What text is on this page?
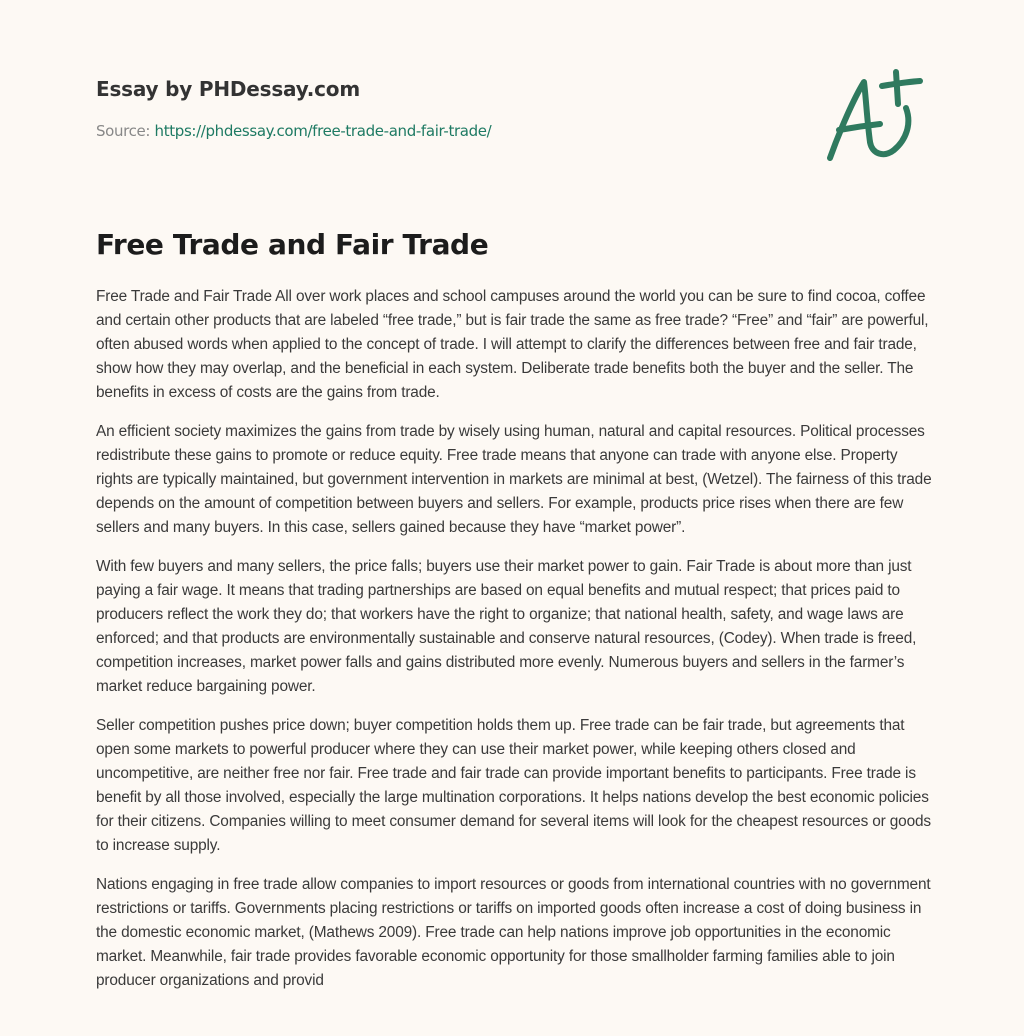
Essay by PHDessay.com
Source: https://phdessay.com/free-trade-and-fair-trade/
Free Trade and Fair Trade

Free Trade and Fair Trade All over work places and school campuses around the world you can be sure to find cocoa, coffee and certain other products that are labeled “free trade,” but is fair trade the same as free trade? “Free” and “fair” are powerful, often abused words when applied to the concept of trade. I will attempt to clarify the differences between free and fair trade, show how they may overlap, and the beneficial in each system. Deliberate trade benefits both the buyer and the seller. The benefits in excess of costs are the gains from trade.

An efficient society maximizes the gains from trade by wisely using human, natural and capital resources. Political processes redistribute these gains to promote or reduce equity. Free trade means that anyone can trade with anyone else. Property rights are typically maintained, but government intervention in markets are minimal at best, (Wetzel). The fairness of this trade depends on the amount of competition between buyers and sellers. For example, products price rises when there are few sellers and many buyers. In this case, sellers gained because they have “market power”.

With few buyers and many sellers, the price falls; buyers use their market power to gain. Fair Trade is about more than just paying a fair wage. It means that trading partnerships are based on equal benefits and mutual respect; that prices paid to producers reflect the work they do; that workers have the right to organize; that national health, safety, and wage laws are enforced; and that products are environmentally sustainable and conserve natural resources, (Codey). When trade is freed, competition increases, market power falls and gains distributed more evenly. Numerous buyers and sellers in the farmer’s market reduce bargaining power.

Seller competition pushes price down; buyer competition holds them up. Free trade can be fair trade, but agreements that open some markets to powerful producer where they can use their market power, while keeping others closed and uncompetitive, are neither free nor fair. Free trade and fair trade can provide important benefits to participants. Free trade is benefit by all those involved, especially the large multination corporations. It helps nations develop the best economic policies for their citizens. Companies willing to meet consumer demand for several items will look for the cheapest resources or goods to increase supply.

Nations engaging in free trade allow companies to import resources or goods from international countries with no government restrictions or tariffs. Governments placing restrictions or tariffs on imported goods often increase a cost of doing business in the domestic economic market, (Mathews 2009). Free trade can help nations improve job opportunities in the economic market. Meanwhile, fair trade provides favorable economic opportunity for those smallholder farming families able to join producer organizations and provid
